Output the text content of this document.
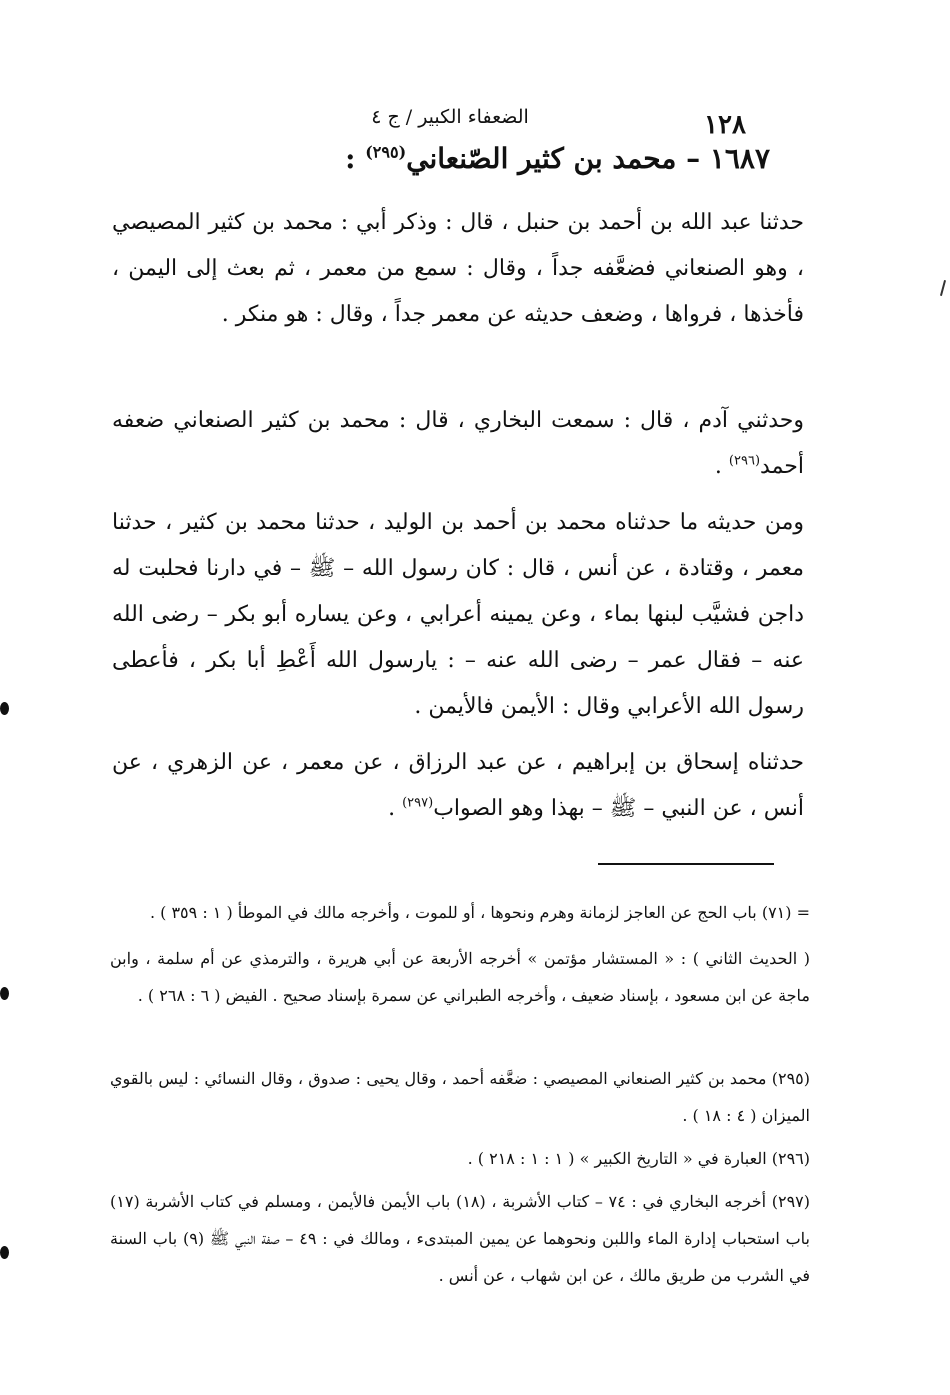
الضعفاء الكبير / ج ٤	١٢٨
١٦٨٧ – محمد بن كثير الصّنعاني$^{(٢٩٥)}$ :
حدثنا عبد الله بن أحمد بن حنبل ، قال : وذكر أبي : محمد بن كثير المصيصي ، وهو الصنعاني فضعَّفه جداً ، وقال : سمع من معمر ، ثم بعث إلى اليمن ، فأخذها ، فرواها ، وضعف حديثه عن معمر جداً ، وقال : هو منكر .
وحدثني آدم ، قال : سمعت البخاري ، قال : محمد بن كثير الصنعاني ضعفه أحمد$^{(٢٩٦)}$ .
ومن حديثه ما حدثناه محمد بن أحمد بن الوليد ، حدثنا محمد بن كثير ، حدثنا معمر ، وقتادة ، عن أنس ، قال : كان رسول الله – ﷺ – في دارنا فحلبت له داجن فشيَّب لبنها بماء ، وعن يمينه أعرابي ، وعن يساره أبو بكر – رضى الله عنه – فقال عمر – رضى الله عنه – : يارسول الله أَعْطِ أبا بكر ، فأعطى رسول الله الأعرابي وقال : الأيمن فالأيمن .
حدثناه إسحاق بن إبراهيم ، عن عبد الرزاق ، عن معمر ، عن الزهري ، عن أنس ، عن النبي – ﷺ – بهذا وهو الصواب$^{(٢٩٧)}$ .
= (٧١) باب الحج عن العاجز لزمانة وهرم ونحوها ، أو للموت ، وأخرجه مالك في الموطأ ( ١ : ٣٥٩ ) .
( الحديث الثاني ) : « المستشار مؤتمن » أخرجه الأربعة عن أبي هريرة ، والترمذي عن أم سلمة ، وابن ماجة عن ابن مسعود ، بإسناد ضعيف ، وأخرجه الطبراني عن سمرة بإسناد صحيح . الفيض ( ٦ : ٢٦٨ ) .
(٢٩٥) محمد بن كثير الصنعاني المصيصي : ضعَّفه أحمد ، وقال يحيى : صدوق ، وقال النسائي : ليس بالقوي الميزان ( ٤ : ١٨ ) .
(٢٩٦) العبارة في « التاريخ الكبير » ( ١ : ١ : ٢١٨ ) .
(٢٩٧) أخرجه البخاري في : ٧٤ – كتاب الأشربة ، (١٨) باب الأيمن فالأيمن ، ومسلم في كتاب الأشربة (١٧) باب استحباب إدارة الماء واللبن ونحوهما عن يمين المبتدىء ، ومالك في : ٤٩ – صفة النبي ﷺ (٩) باب السنة في الشرب من طريق مالك ، عن ابن شهاب ، عن أنس .
